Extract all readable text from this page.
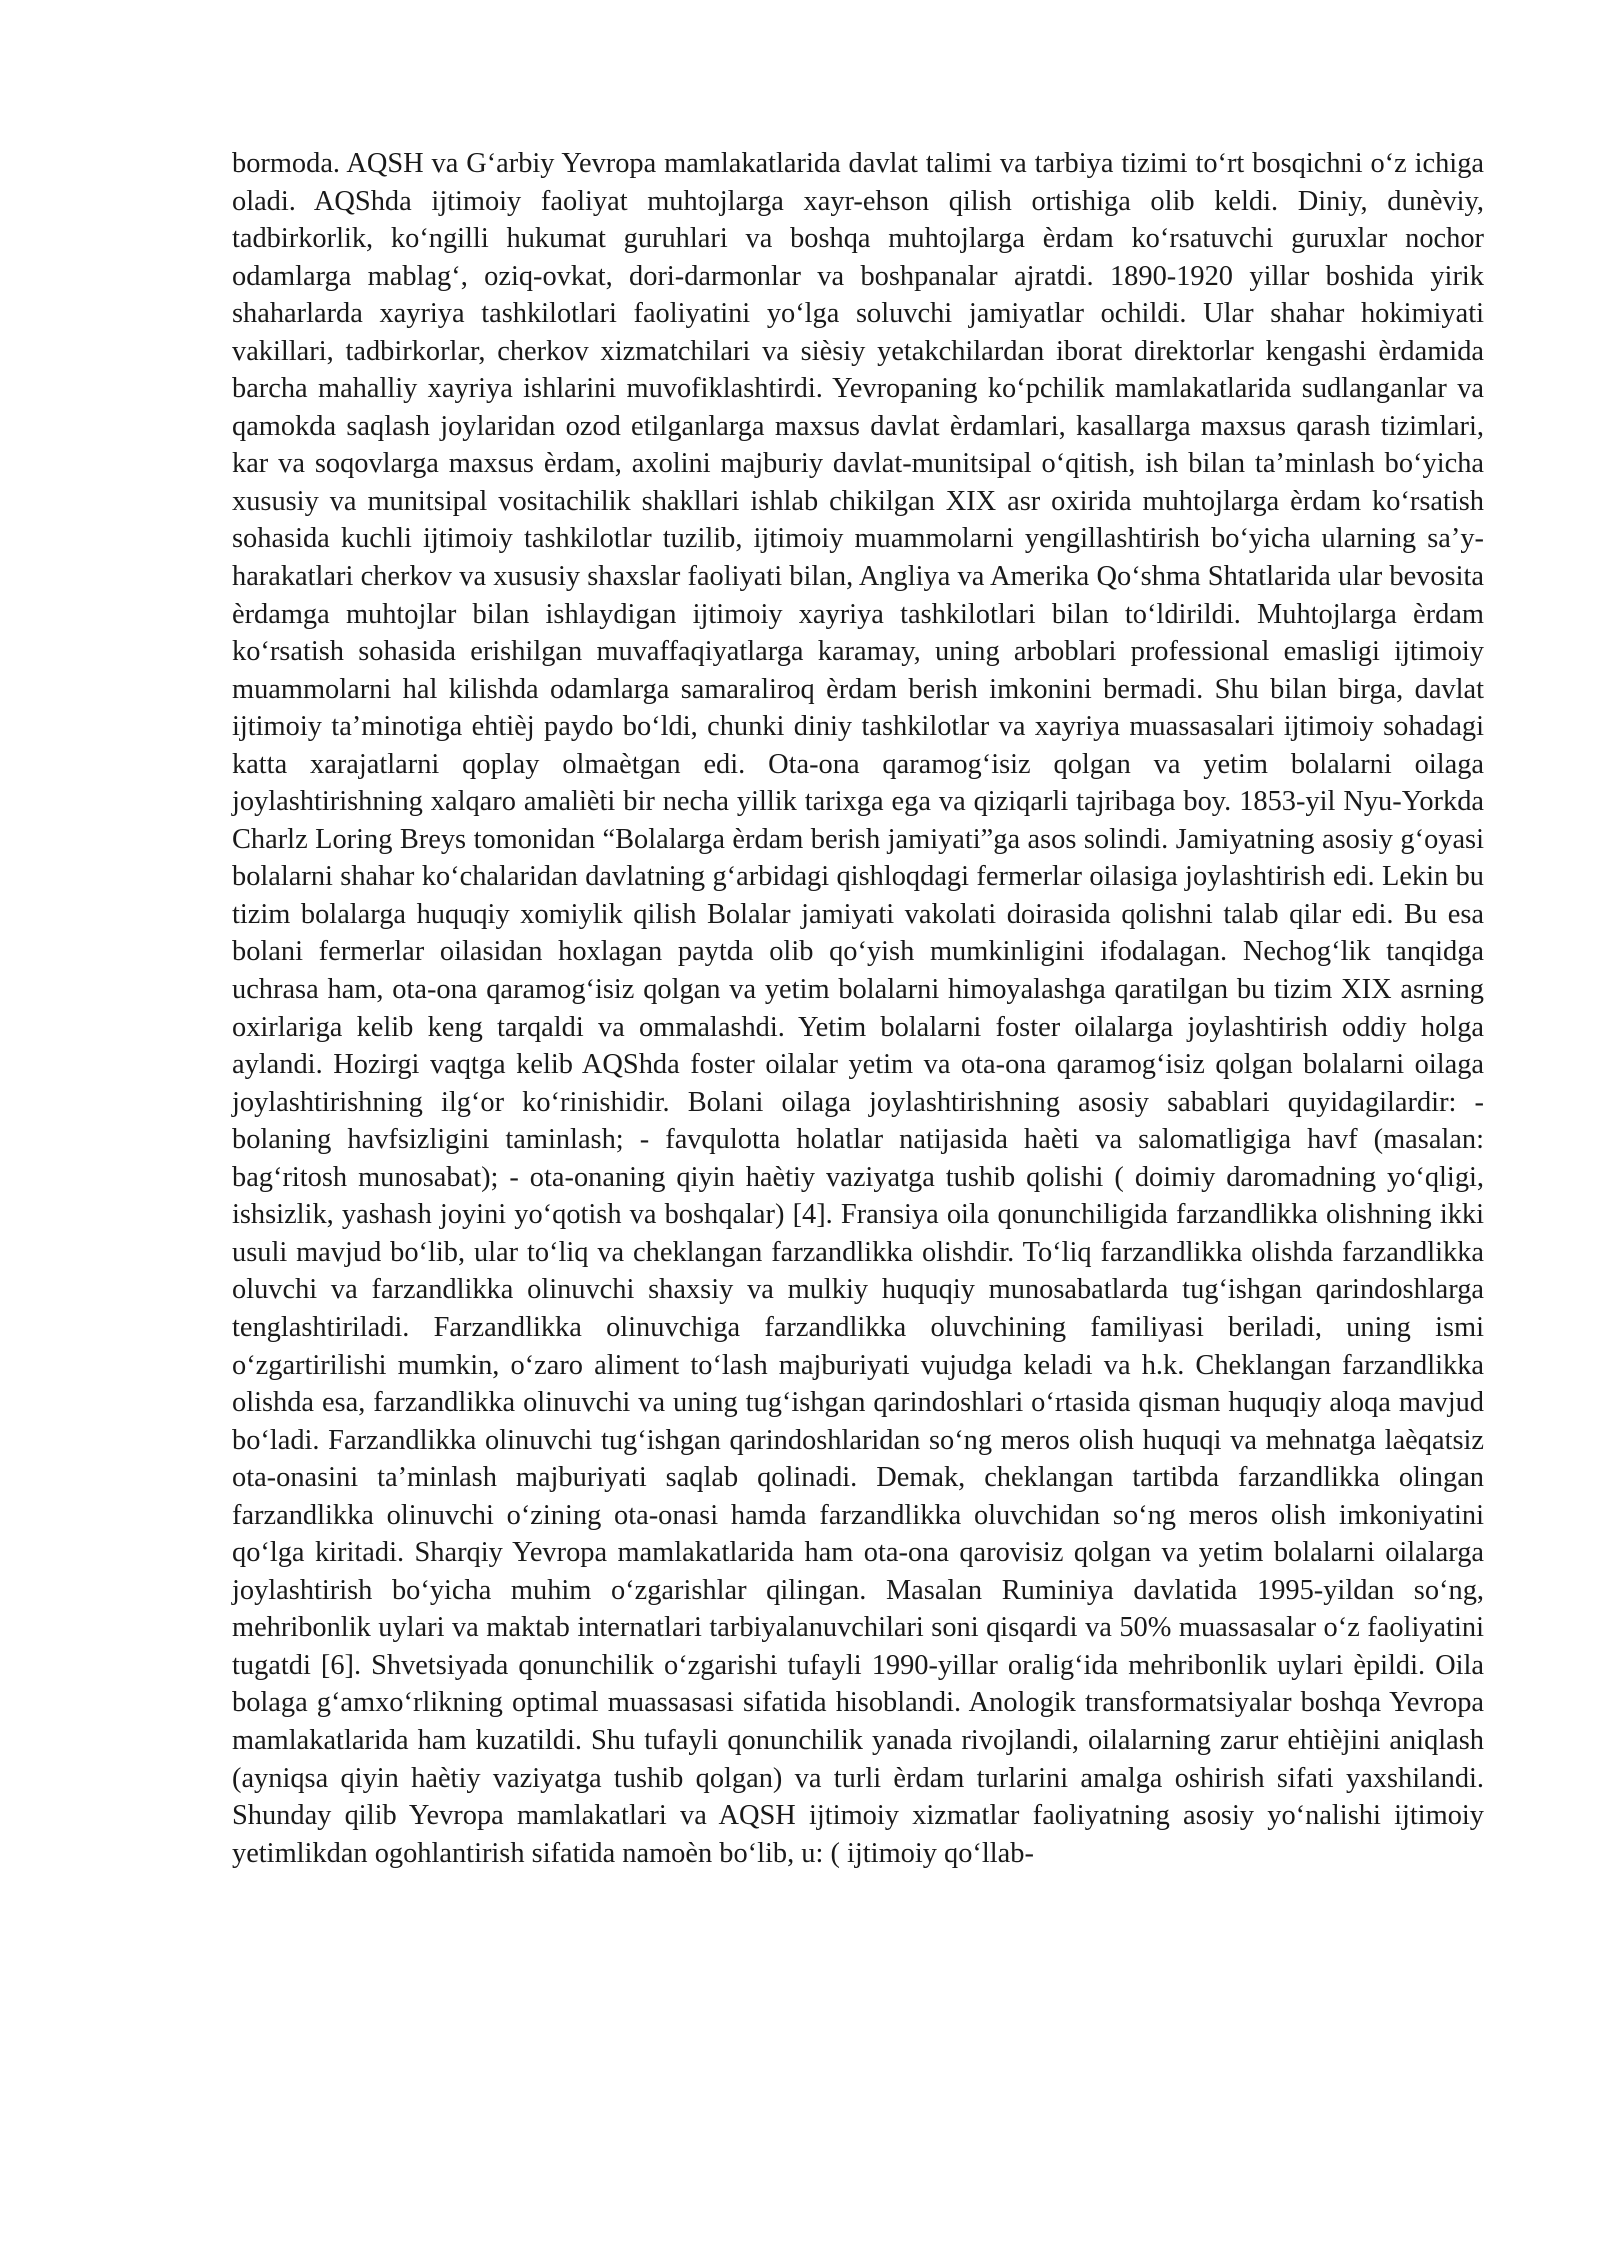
bormoda. AQSH va G‘arbiy Yevropa mamlakatlarida davlat talimi va tarbiya tizimi to‘rt bosqichni o‘z ichiga oladi. AQShda ijtimoiy faoliyat muhtojlarga xayr-ehson qilish ortishiga olib keldi. Diniy, dunèviy, tadbirkorlik, ko‘ngilli hukumat guruhlari va boshqa muhtojlarga èrdam ko‘rsatuvchi guruxlar nochor odamlarga mablag‘, oziq-ovkat, dori-darmonlar va boshpanalar ajratdi. 1890-1920 yillar boshida yirik shaharlarda xayriya tashkilotlari faoliyatini yo‘lga soluvchi jamiyatlar ochildi. Ular shahar hokimiyati vakillari, tadbirkorlar, cherkov xizmatchilari va sièsiy yetakchilardan iborat direktorlar kengashi èrdamida barcha mahalliy xayriya ishlarini muvofiklashtirdi. Yevropaning ko‘pchilik mamlakatlarida sudlanganlar va qamokda saqlash joylaridan ozod etilganlarga maxsus davlat èrdamlari, kasallarga maxsus qarash tizimlari, kar va soqovlarga maxsus èrdam, axolini majburiy davlat-munitsipal o‘qitish, ish bilan ta’minlash bo‘yicha xususiy va munitsipal vositachilik shakllari ishlab chikilgan XIX asr oxirida muhtojlarga èrdam ko‘rsatish sohasida kuchli ijtimoiy tashkilotlar tuzilib, ijtimoiy muammolarni yengillashtirish bo‘yicha ularning sa’y-harakatlari cherkov va xususiy shaxslar faoliyati bilan, Angliya va Amerika Qo‘shma Shtatlarida ular bevosita èrdamga muhtojlar bilan ishlaydigan ijtimoiy xayriya tashkilotlari bilan to‘ldirildi. Muhtojlarga èrdam ko‘rsatish sohasida erishilgan muvaffaqiyatlarga karamay, uning arboblari professional emasligi ijtimoiy muammolarni hal kilishda odamlarga samaraliroq èrdam berish imkonini bermadi. Shu bilan birga, davlat ijtimoiy ta’minotiga ehtièj paydo bo‘ldi, chunki diniy tashkilotlar va xayriya muassasalari ijtimoiy sohadagi katta xarajatlarni qoplay olmaètgan edi. Ota-ona qaramog‘isiz qolgan va yetim bolalarni oilaga joylashtirishning xalqaro amalièti bir necha yillik tarixga ega va qiziqarli tajribaga boy. 1853-yil Nyu-Yorkda Charlz Loring Breys tomonidan “Bolalarga èrdam berish jamiyati”ga asos solindi. Jamiyatning asosiy g‘oyasi bolalarni shahar ko‘chalaridan davlatning g‘arbidagi qishloqdagi fermerlar oilasiga joylashtirish edi. Lekin bu tizim bolalarga huquqiy xomiylik qilish Bolalar jamiyati vakolati doirasida qolishni talab qilar edi. Bu esa bolani fermerlar oilasidan hoxlagan paytda olib qo‘yish mumkinligini ifodalagan. Nechog‘lik tanqidga uchrasa ham, ota-ona qaramog‘isiz qolgan va yetim bolalarni himoyalashga qaratilgan bu tizim XIX asrning oxirlariga kelib keng tarqaldi va ommalashdi. Yetim bolalarni foster oilalarga joylashtirish oddiy holga aylandi. Hozirgi vaqtga kelib AQShda foster oilalar yetim va ota-ona qaramog‘isiz qolgan bolalarni oilaga joylashtirishning ilg‘or ko‘rinishidir. Bolani oilaga joylashtirishning asosiy sabablari quyidagilardir: - bolaning havfsizligini taminlash; - favqulotta holatlar natijasida haèti va salomatligiga havf (masalan: bag‘ritosh munosabat); - ota-onaning qiyin haètiy vaziyatga tushib qolishi ( doimiy daromadning yo‘qligi, ishsizlik, yashash joyini yo‘qotish va boshqalar) [4]. Fransiya oila qonunchiligida farzandlikka olishning ikki usuli mavjud bo‘lib, ular to‘liq va cheklangan farzandlikka olishdir. To‘liq farzandlikka olishda farzandlikka oluvchi va farzandlikka olinuvchi shaxsiy va mulkiy huquqiy munosabatlarda tug‘ishgan qarindoshlarga tenglashtiriladi. Farzandlikka olinuvchiga farzandlikka oluvchining familiyasi beriladi, uning ismi o‘zgartirilishi mumkin, o‘zaro aliment to‘lash majburiyati vujudga keladi va h.k. Cheklangan farzandlikka olishda esa, farzandlikka olinuvchi va uning tug‘ishgan qarindoshlari o‘rtasida qisman huquqiy aloqa mavjud bo‘ladi. Farzandlikka olinuvchi tug‘ishgan qarindoshlaridan so‘ng meros olish huquqi va mehnatga laèqatsiz ota-onasini ta’minlash majburiyati saqlab qolinadi. Demak, cheklangan tartibda farzandlikka olingan farzandlikka olinuvchi o‘zining ota-onasi hamda farzandlikka oluvchidan so‘ng meros olish imkoniyatini qo‘lga kiritadi. Sharqiy Yevropa mamlakatlarida ham ota-ona qarovisiz qolgan va yetim bolalarni oilalarga joylashtirish bo‘yicha muhim o‘zgarishlar qilingan. Masalan Ruminiya davlatida 1995-yildan so‘ng, mehribonlik uylari va maktab internatlari tarbiyalanuvchilari soni qisqardi va 50% muassasalar o‘z faoliyatini tugatdi [6]. Shvetsiyada qonunchilik o‘zgarishi tufayli 1990-yillar oralig‘ida mehribonlik uylari èpildi. Oila bolaga g‘amxo‘rlikning optimal muassasasi sifatida hisoblandi. Anologik transformatsiyalar boshqa Yevropa mamlakatlarida ham kuzatildi. Shu tufayli qonunchilik yanada rivojlandi, oilalarning zarur ehtièjini aniqlash (ayniqsa qiyin haètiy vaziyatga tushib qolgan) va turli èrdam turlarini amalga oshirish sifati yaxshilandi. Shunday qilib Yevropa mamlakatlari va AQSH ijtimoiy xizmatlar faoliyatning asosiy yo‘nalishi ijtimoiy yetimlikdan ogohlantirish sifatida namoèn bo‘lib, u: ( ijtimoiy qo‘llab-
